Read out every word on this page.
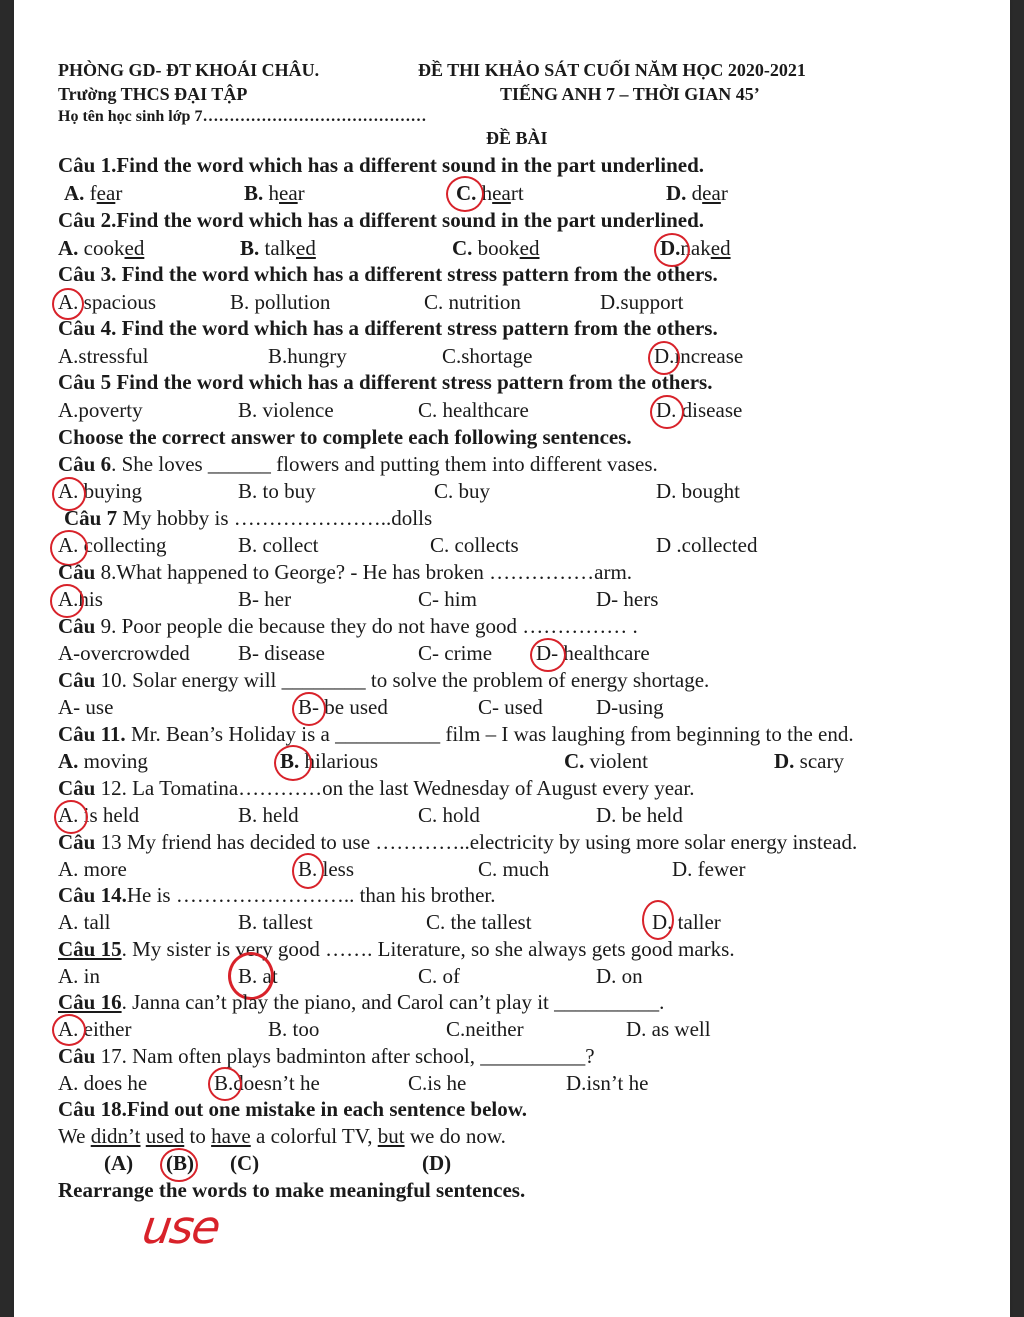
PHÒNG GD- ĐT KHOÁI CHÂU.	ĐỀ THI KHẢO SÁT CUỐI NĂM HỌC 2020-2021
Trường THCS ĐẠI TẬP	TIẾNG ANH 7 – THỜI GIAN 45’
Họ tên học sinh lớp 7……………………………………
ĐỀ BÀI
Câu 1.Find the word which has a different sound in the part underlined.
A. fear	B. hear	C. heart	D. dear
Câu 2.Find the word which has a different sound in the part underlined.
A. cooked	B. talked	C. booked	D.naked
Câu 3. Find the word which has a different stress pattern from the others.
A. spacious	B. pollution	C. nutrition	D.support
Câu 4. Find the word which has a different stress pattern from the others.
A.stressful	B.hungry	C.shortage	D.increase
Câu 5 Find the word which has a different stress pattern from the others.
A.poverty	B. violence	C. healthcare	D. disease
Choose the correct answer to complete each following sentences.
Câu 6. She loves ______ flowers and putting them into different vases.
A. buying	B. to buy	C. buy	D. bought
Câu 7 My hobby is …………………..dolls
A. collecting	B. collect	C. collects	D .collected
Câu 8.What happened to George? - He has broken ……………arm.
A.his	B- her	C- him	D- hers
Câu 9. Poor people die because they do not have good …………… .
A-overcrowded B- disease	C- crime D- healthcare
Câu 10. Solar energy will ________ to solve the problem of energy shortage.
A- use	B- be used	C- used	D-using
Câu 11. Mr. Bean’s Holiday is a __________ film – I was laughing from beginning to the end.
A. moving	B. hilarious	C. violent	D. scary
Câu 12. La Tomatina…………on the last Wednesday of August every year.
A. is held	B. held	C. hold	D. be held
Câu 13 My friend has decided to use …………..electricity by using more solar energy instead.
A. more	B. less	C. much	D. fewer
Câu 14.He is …………………….. than his brother.
A. tall	B. tallest	C. the tallest	D. taller
Câu 15. My sister is very good ……. Literature, so she always gets good marks.
A. in	B. at	C. of	D. on
Câu 16. Janna can’t play the piano, and Carol can’t play it __________.
A. either	B. too	C.neither	D. as well
Câu 17. Nam often plays badminton after school, __________?
A. does he	B.doesn’t he	C.is he	D.isn’t he
Câu 18.Find out one mistake in each sentence below.
We didn’t used to have a colorful TV, but we do now.
(A) (B) (C)	(D)
Rearrange the words to make meaningful sentences.
use
